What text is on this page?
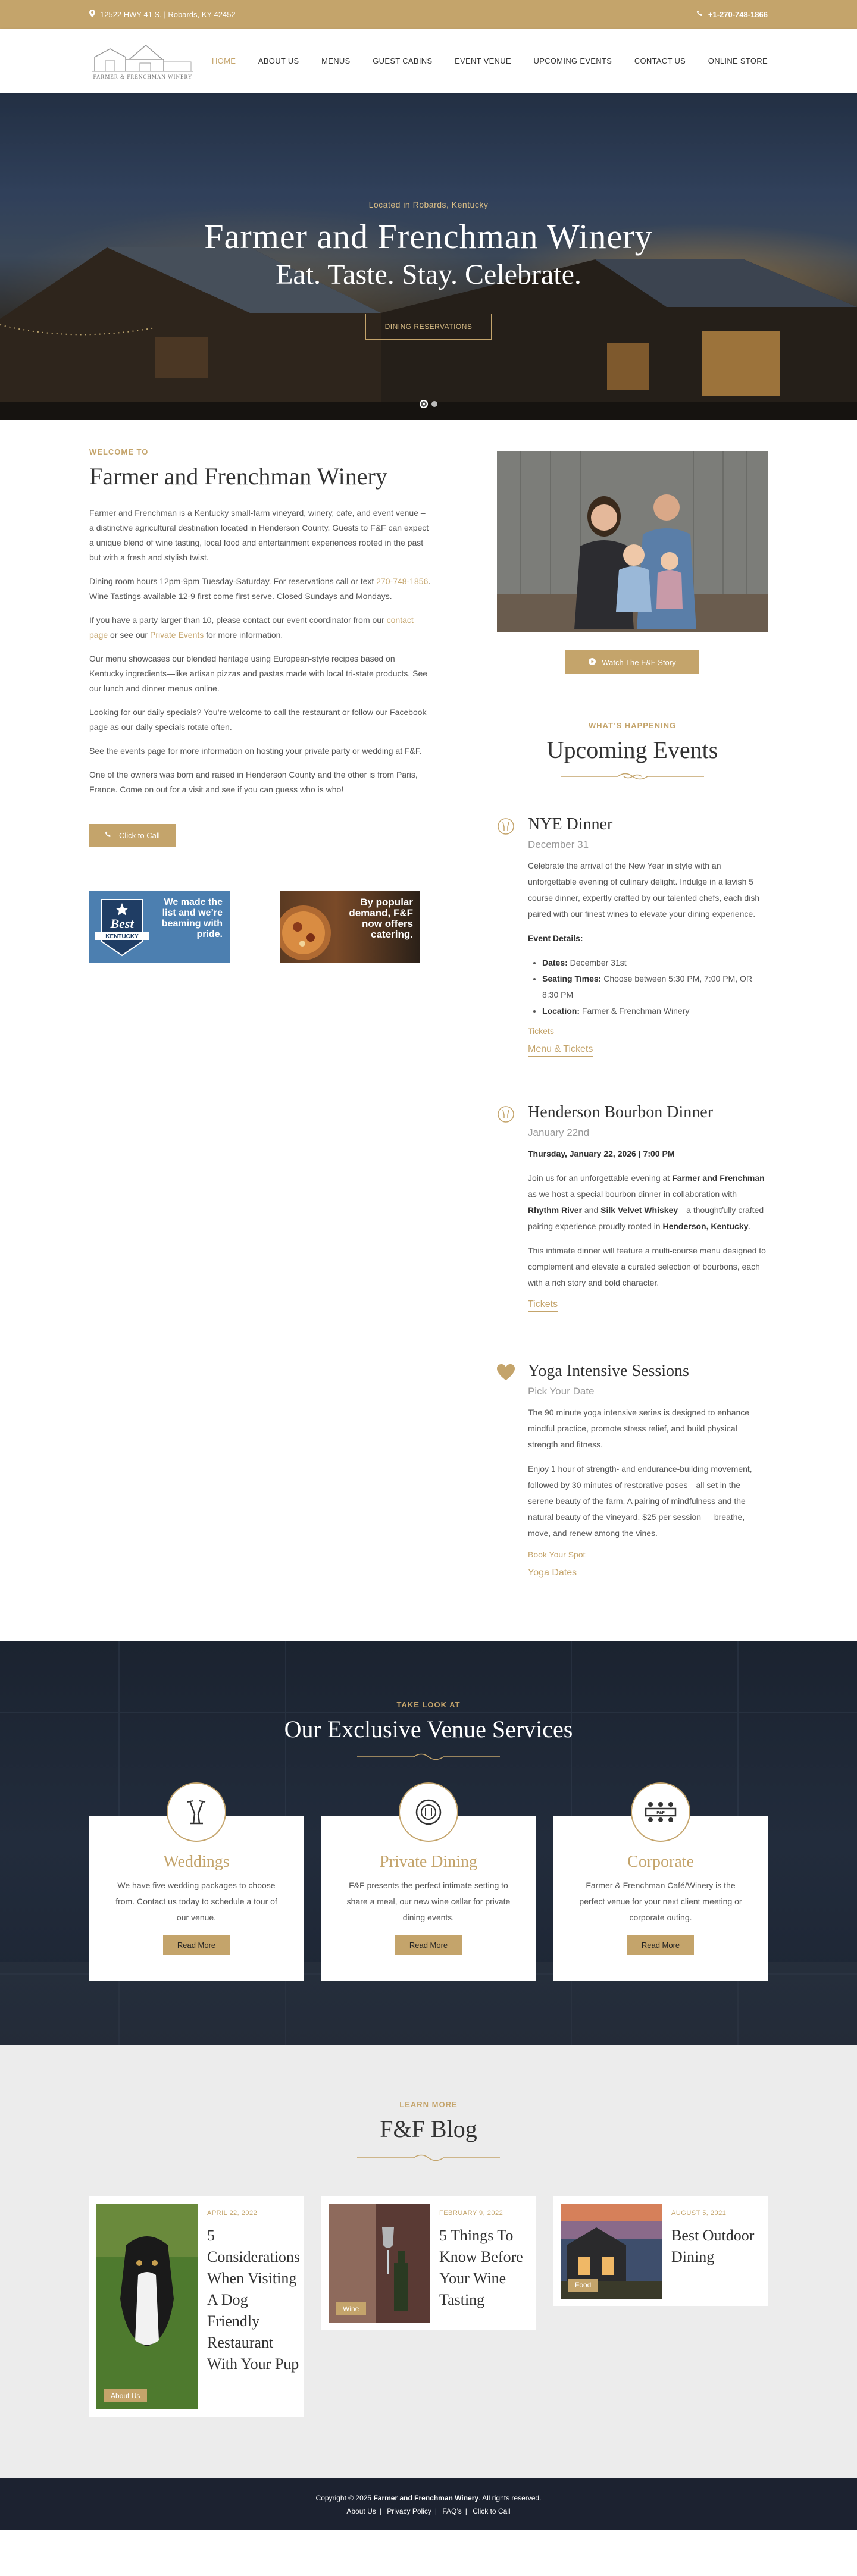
12522 HWY 41 S. | Robards, KY 42452	+1-270-748-1866
FARMER & FRENCHMAN WINERY
HOME	ABOUT US	MENUS	GUEST CABINS	EVENT VENUE	UPCOMING EVENTS	CONTACT US	ONLINE STORE
Located in Robards, Kentucky
Farmer and Frenchman Winery
Eat. Taste. Stay. Celebrate.
DINING RESERVATIONS
WELCOME TO
Farmer and Frenchman Winery

Farmer and Frenchman is a Kentucky small-farm vineyard, winery, cafe, and event venue – a distinctive agricultural destination located in Henderson County. Guests to F&F can expect a unique blend of wine tasting, local food and entertainment experiences rooted in the past but with a fresh and stylish twist.

Dining room hours 12pm-9pm Tuesday-Saturday. For reservations call or text 270-748-1856. Wine Tastings available 12-9 first come first serve. Closed Sundays and Mondays.

If you have a party larger than 10, please contact our event coordinator from our contact page or see our Private Events for more information.

Our menu showcases our blended heritage using European-style recipes based on Kentucky ingredients—like artisan pizzas and pastas made with local tri-state products. See our lunch and dinner menus online.

Looking for our daily specials? You’re welcome to call the restaurant or follow our Facebook page as our daily specials rotate often.

See the events page for more information on hosting your private party or wedding at F&F.

One of the owners was born and raised in Henderson County and the other is from Paris, France. Come on out for a visit and see if you can guess who is who!

Click to Call
Best
KENTUCKY
We made the list and we’re beaming with pride.
By popular demand, F&F now offers catering.
Watch The F&F Story
WHAT’S HAPPENING
Upcoming Events
NYE Dinner
December 31

Celebrate the arrival of the New Year in style with an unforgettable evening of culinary delight. Indulge in a lavish 5 course dinner, expertly crafted by our talented chefs, each dish paired with our finest wines to elevate your dining experience.

Event Details:

• Dates: December 31st
• Seating Times: Choose between 5:30 PM, 7:00 PM, OR 8:30 PM
• Location: Farmer & Frenchman Winery
Tickets
Menu & Tickets
Henderson Bourbon Dinner
January 22nd

Thursday, January 22, 2026 | 7:00 PM

Join us for an unforgettable evening at Farmer and Frenchman as we host a special bourbon dinner in collaboration with Rhythm River and Silk Velvet Whiskey—a thoughtfully crafted pairing experience proudly rooted in Henderson, Kentucky.

This intimate dinner will feature a multi-course menu designed to complement and elevate a curated selection of bourbons, each with a rich story and bold character.

Tickets
Yoga Intensive Sessions
Pick Your Date

The 90 minute yoga intensive series is designed to enhance mindful practice, promote stress relief, and build physical strength and fitness.

Enjoy 1 hour of strength- and endurance-building movement, followed by 30 minutes of restorative poses—all set in the serene beauty of the farm. A pairing of mindfulness and the natural beauty of the vineyard. $25 per session — breathe, move, and renew among the vines.

Book Your Spot
Yoga Dates
TAKE LOOK AT
Our Exclusive Venue Services
Weddings

We have five wedding packages to choose from. Contact us today to schedule a tour of our venue.

Read More
Private Dining

F&F presents the perfect intimate setting to share a meal, our new wine cellar for private dining events.

Read More
F&F
Corporate

Farmer & Frenchman Café/Winery is the perfect venue for your next client meeting or corporate outing.

Read More
LEARN MORE
F&F Blog
About Us
APRIL 22, 2022
5 Considerations When Visiting A Dog Friendly Restaurant With Your Pup
Wine
FEBRUARY 9, 2022
5 Things To Know Before Your Wine Tasting
Food
AUGUST 5, 2021
Best Outdoor Dining
Copyright © 2025 Farmer and Frenchman Winery. All rights reserved.
About Us | Privacy Policy | FAQ’s | Click to Call
